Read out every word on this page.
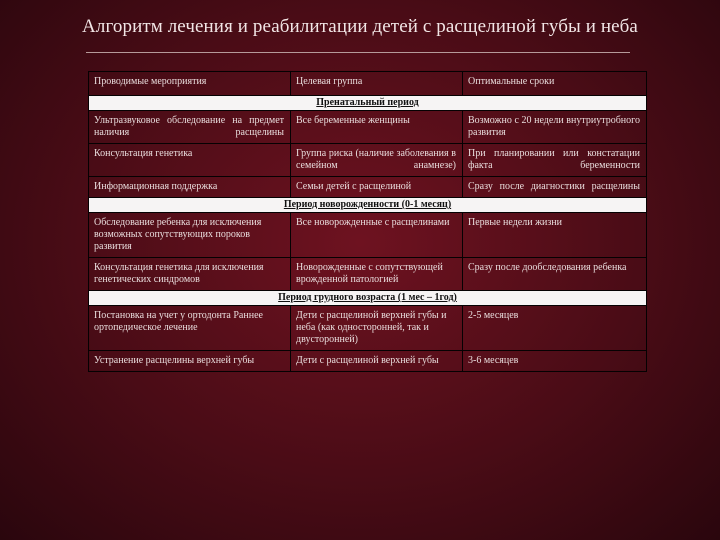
Алгоритм лечения и реабилитации детей с расщелиной губы и неба
Проводимые мероприятия	Целевая группа	Оптимальные сроки
Пренатальный период		
Ультразвуковое обследование на предмет наличия расщелины	Все беременные женщины	Возможно с 20 недели внутриутробного развития
Консультация генетика	Группа риска (наличие заболевания в семейном анамнезе)	При планировании или констатации факта беременности
Информационная поддержка	Семьи детей с расщелиной	Сразу после диагностики расщелины
Период новорожденности (0-1 месяц)		
Обследование ребенка для исключения возможных сопутствующих пороков развития	Все новорожденные с расщелинами	Первые недели жизни
Консультация генетика для исключения генетических синдромов	Новорожденные с сопутствующей врожденной патологией	Сразу после дообследования ребенка
Период грудного возраста (1 мес – 1год)		
Постановка на учет у ортодонта Раннее ортопедическое лечение	Дети с расщелиной верхней губы и неба (как односторонней, так и двусторонней)	2-5 месяцев
Устранение расщелины верхней губы	Дети с расщелиной верхней губы	3-6 месяцев
